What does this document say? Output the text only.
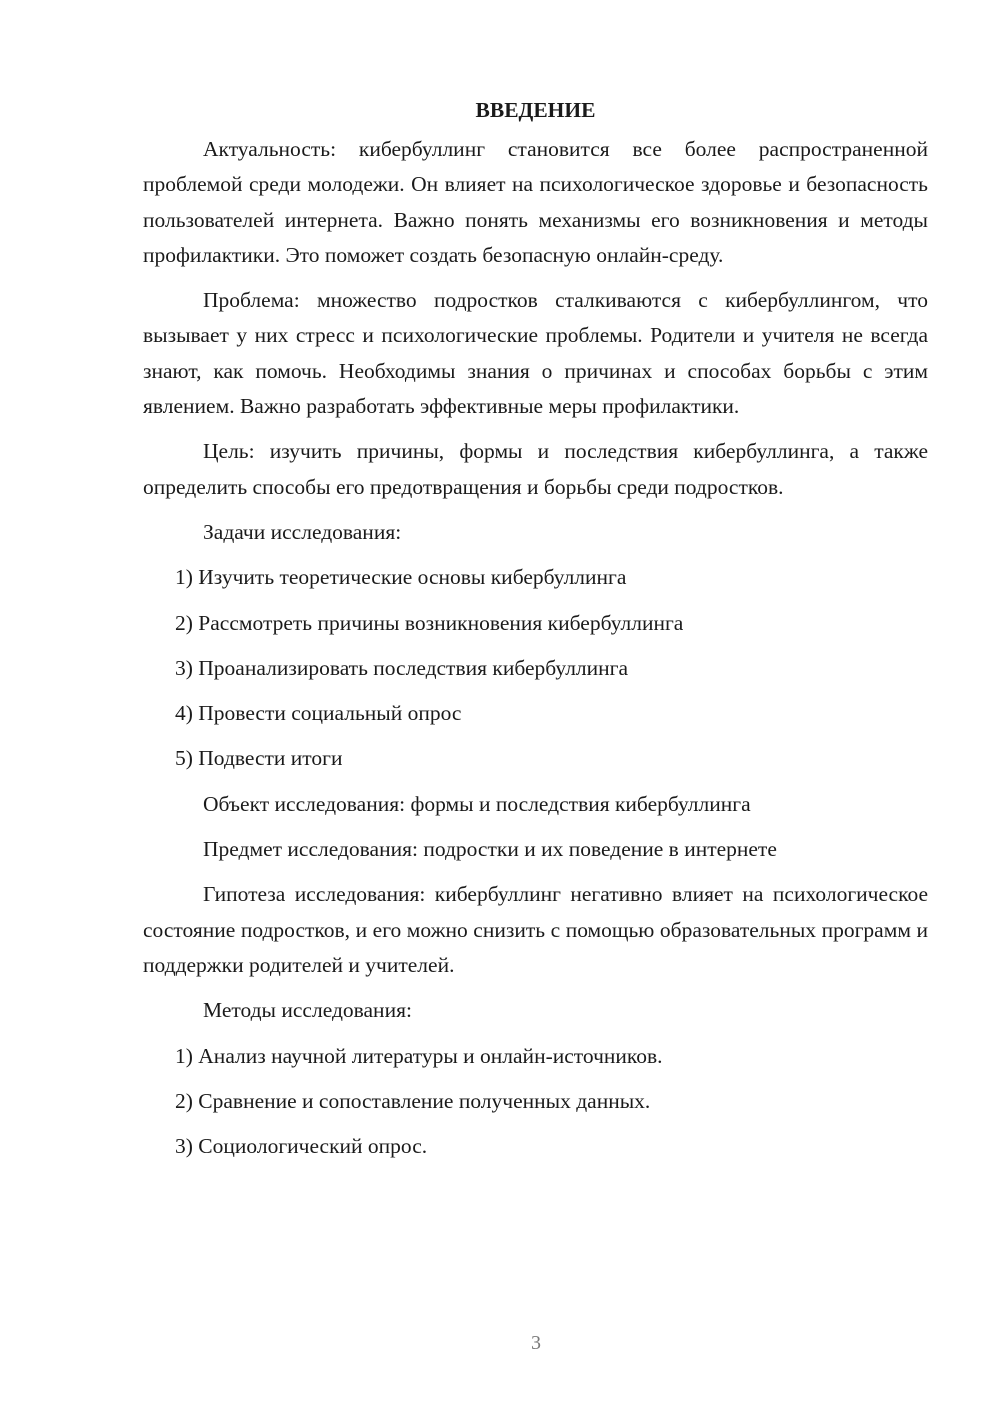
ВВЕДЕНИЕ

Актуальность: кибербуллинг становится все более распространенной проблемой среди молодежи. Он влияет на психологическое здоровье и безопасность пользователей интернета. Важно понять механизмы его возникновения и методы профилактики. Это поможет создать безопасную онлайн-среду.

Проблема: множество подростков сталкиваются с кибербуллингом, что вызывает у них стресс и психологические проблемы. Родители и учителя не всегда знают, как помочь. Необходимы знания о причинах и способах борьбы с этим явлением. Важно разработать эффективные меры профилактики.

Цель: изучить причины, формы и последствия кибербуллинга, а также определить способы его предотвращения и борьбы среди подростков.

Задачи исследования:

1) Изучить теоретические основы кибербуллинга

2) Рассмотреть причины возникновения кибербуллинга

3) Проанализировать последствия кибербуллинга

4) Провести социальный опрос

5) Подвести итоги

Объект исследования: формы и последствия кибербуллинга

Предмет исследования: подростки и их поведение в интернете

Гипотеза исследования: кибербуллинг негативно влияет на психологическое состояние подростков, и его можно снизить с помощью образовательных программ и поддержки родителей и учителей.

Методы исследования:

1) Анализ научной литературы и онлайн-источников.

2) Сравнение и сопоставление полученных данных.

3) Социологический опрос.

3
